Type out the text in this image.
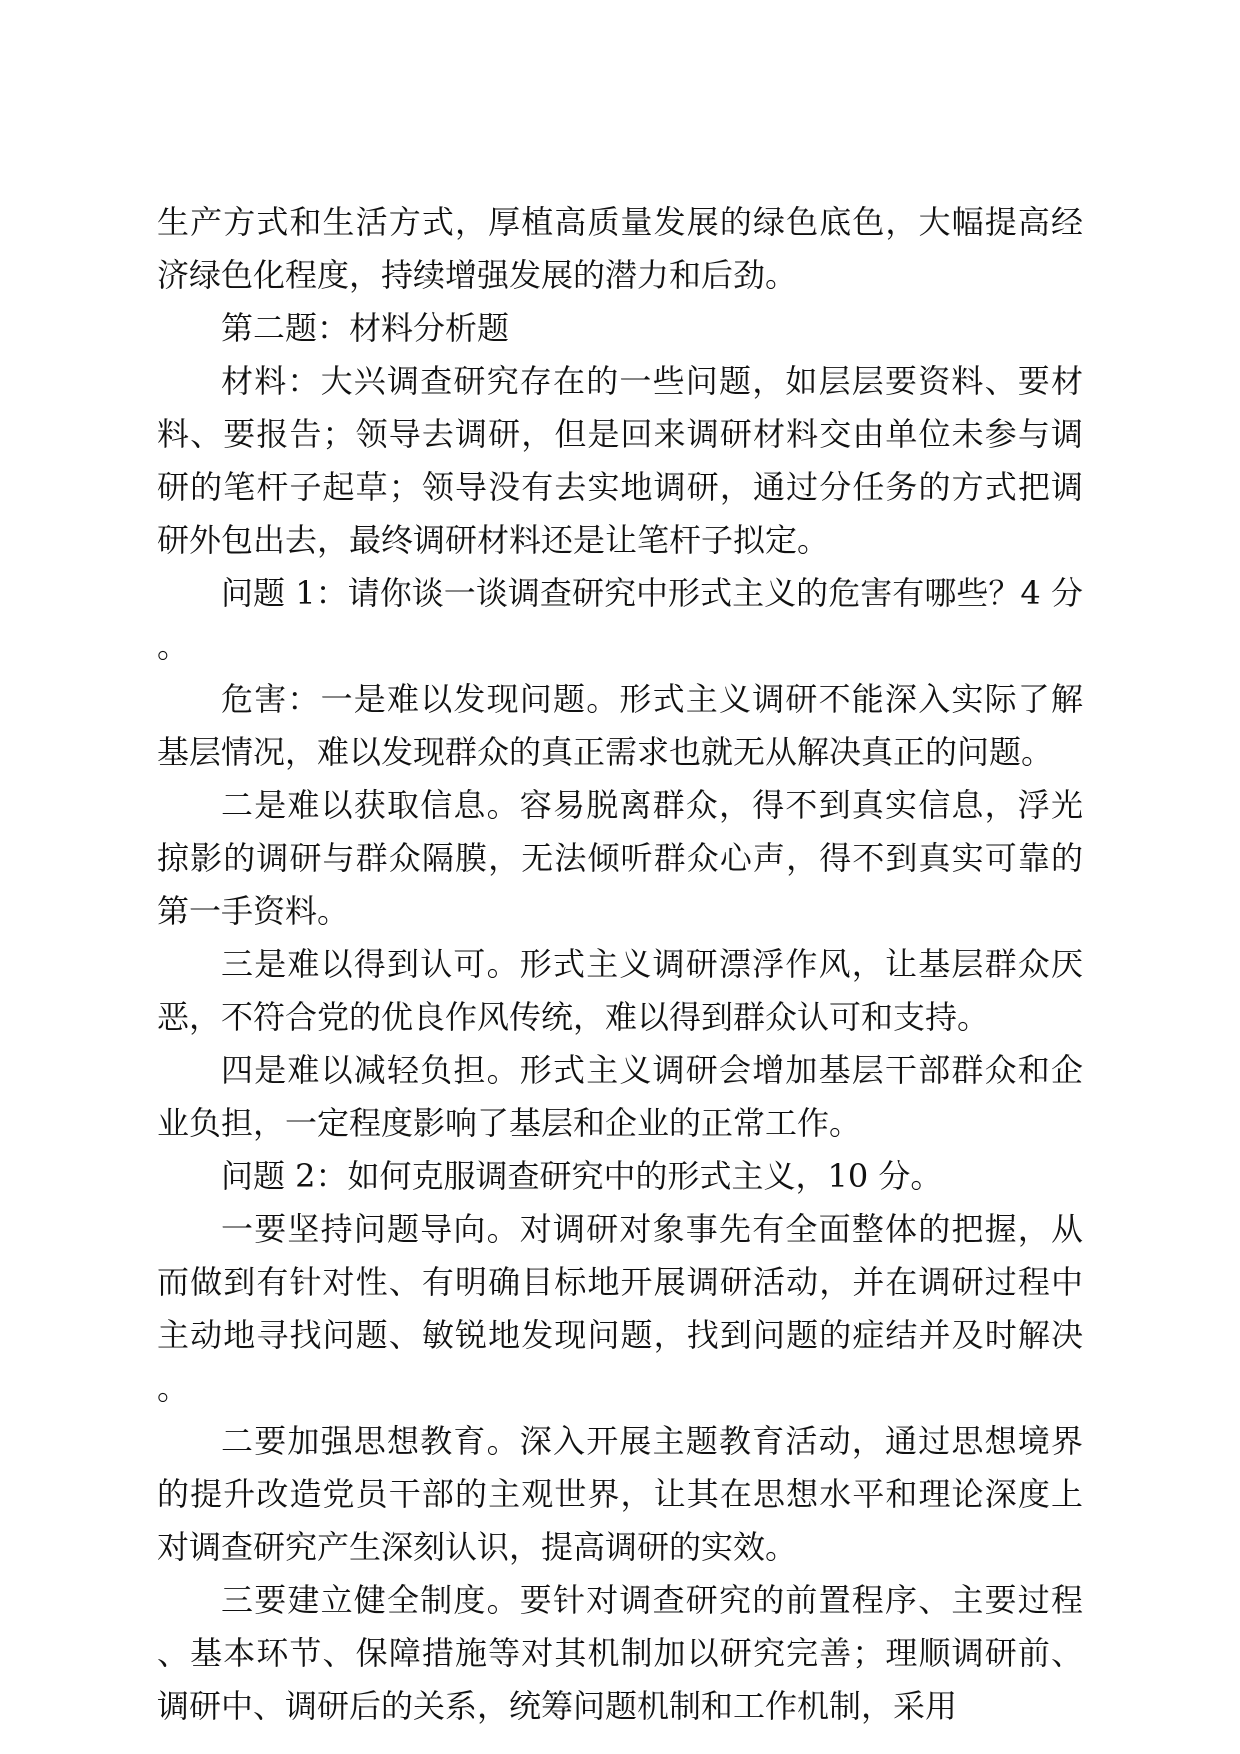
生产方式和生活方式，厚植高质量发展的绿色底色，大幅提高经济绿色化程度，持续增强发展的潜力和后劲。

第二题：材料分析题

材料：大兴调查研究存在的一些问题，如层层要资料、要材料、要报告；领导去调研，但是回来调研材料交由单位未参与调研的笔杆子起草；领导没有去实地调研，通过分任务的方式把调研外包出去，最终调研材料还是让笔杆子拟定。

问题 1：请你谈一谈调查研究中形式主义的危害有哪些？4 分。

危害：一是难以发现问题。形式主义调研不能深入实际了解基层情况，难以发现群众的真正需求也就无从解决真正的问题。

二是难以获取信息。容易脱离群众，得不到真实信息，浮光掠影的调研与群众隔膜，无法倾听群众心声，得不到真实可靠的第一手资料。

三是难以得到认可。形式主义调研漂浮作风，让基层群众厌恶，不符合党的优良作风传统，难以得到群众认可和支持。

四是难以减轻负担。形式主义调研会增加基层干部群众和企业负担，一定程度影响了基层和企业的正常工作。

问题 2：如何克服调查研究中的形式主义，10 分。

一要坚持问题导向。对调研对象事先有全面整体的把握，从而做到有针对性、有明确目标地开展调研活动，并在调研过程中主动地寻找问题、敏锐地发现问题，找到问题的症结并及时解决。

二要加强思想教育。深入开展主题教育活动，通过思想境界的提升改造党员干部的主观世界，让其在思想水平和理论深度上对调查研究产生深刻认识，提高调研的实效。

三要建立健全制度。要针对调查研究的前置程序、主要过程、基本环节、保障措施等对其机制加以研究完善；理顺调研前、调研中、调研后的关系，统筹问题机制和工作机制，采用
